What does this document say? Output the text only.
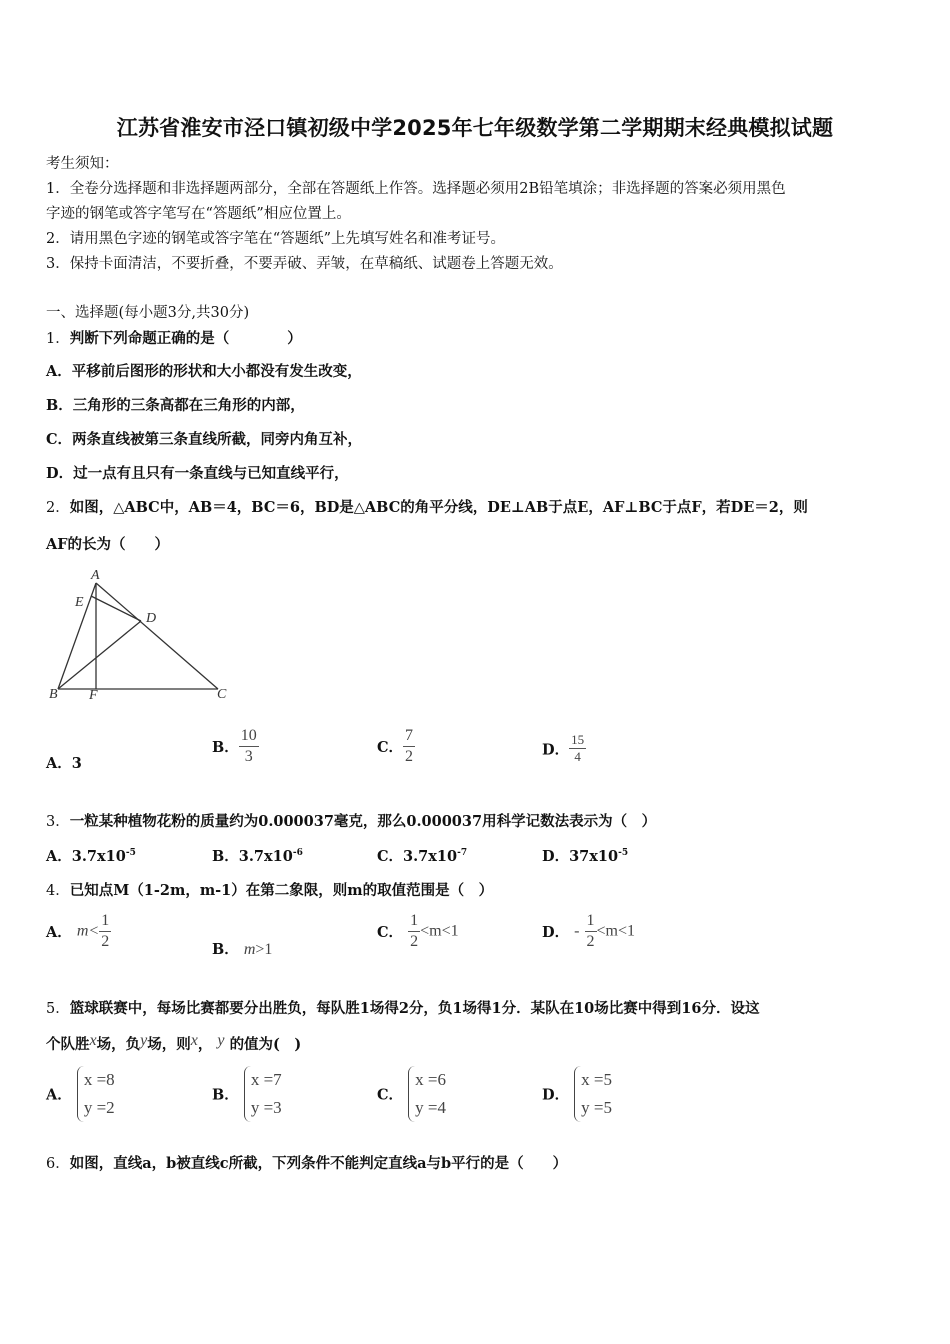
江苏省淮安市泾口镇初级中学2025年七年级数学第二学期期末经典模拟试题
考生须知：
1．全卷分选择题和非选择题两部分，全部在答题纸上作答。选择题必须用2B铅笔填涂；非选择题的答案必须用黑色
字迹的钢笔或答字笔写在“答题纸”相应位置上。
2．请用黑色字迹的钢笔或答字笔在“答题纸”上先填写姓名和准考证号。
3．保持卡面清洁，不要折叠，不要弄破、弄皱，在草稿纸、试题卷上答题无效。
一、选择题(每小题3分,共30分)
1．判断下列命题正确的是（　　　　）
A．平移前后图形的形状和大小都没有发生改变，
B．三角形的三条高都在三角形的内部，
C．两条直线被第三条直线所截，同旁内角互补，
D．过一点有且只有一条直线与已知直线平行，
2．如图，△ABC中，AB＝4，BC＝6，BD是△ABC的角平分线，DE⊥AB于点E，AF⊥BC于点F，若DE＝2，则
AF的长为（　　）
A
E
D
B F	C
A．3
B． $\frac{10}{3}$	C． $\frac{7}{2}$	D． $\frac{15}{4}$
3．一粒某种植物花粉的质量约为0.000037毫克，那么0.000037用科学记数法表示为（　）
A．$3.7x10^{-5}$	B．$3.7x10^{-6}$	C．$3.7x10^{-7}$	D．$37x10^{-5}$
4．已知点M（1-2m，m-1）在第二象限，则m的取值范围是（　）
A． $m< \frac{1}{2}$	B． m>1
C． $\frac{1}{2} <m<1$	D． - $\frac{1}{2} <m<1$
5．篮球联赛中，每场比赛都要分出胜负，每队胜1场得2分，负1场得1分．某队在10场比赛中得到16分．设这
个队胜x场，负y场，则x， y 的值为(　)
A．
x =8
y =2
B．
x =7
y =3
C．
x =6
y =4
D．
x =5
y =5
6．如图，直线a，b被直线c所截，下列条件不能判定直线a与b平行的是（　　）
